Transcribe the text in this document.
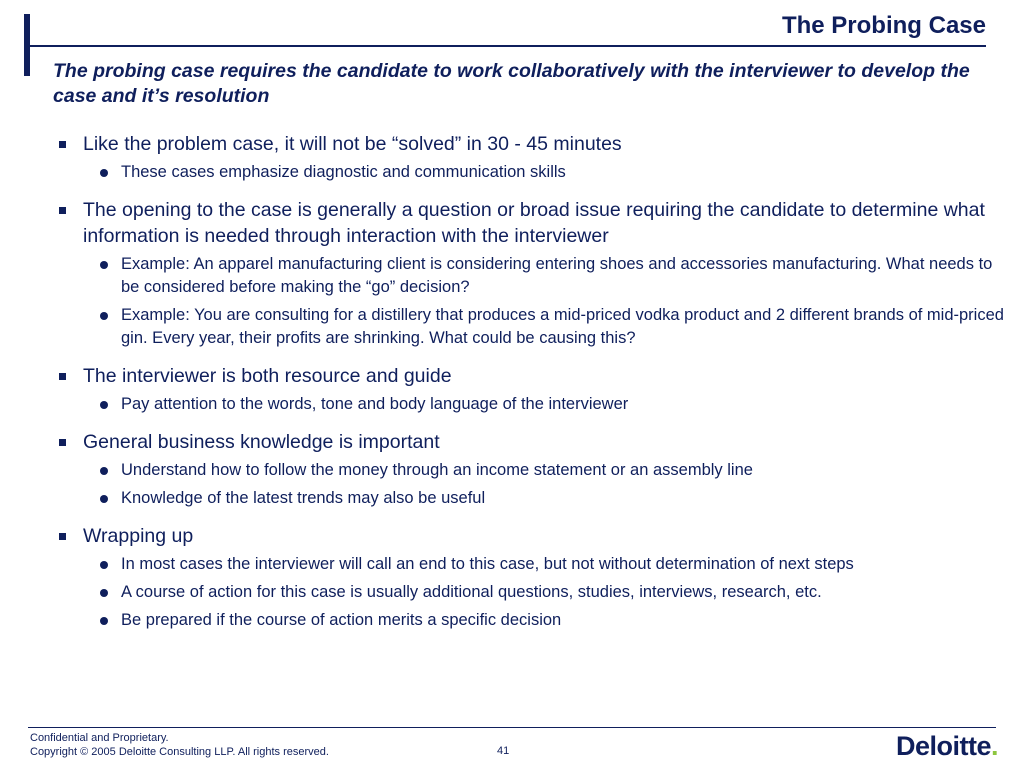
The Probing Case

The probing case requires the candidate to work collaboratively with the interviewer to develop the case and it’s resolution

Like the problem case, it will not be “solved” in 30 - 45 minutes
These cases emphasize diagnostic and communication skills
The opening to the case is generally a question or broad issue requiring the candidate to determine what information is needed through interaction with the interviewer
Example: An apparel manufacturing client is considering entering shoes and accessories manufacturing. What needs to be considered before making the “go” decision?
Example: You are consulting for a distillery that produces a mid-priced vodka product and 2 different brands of mid-priced gin. Every year, their profits are shrinking. What could be causing this?
The interviewer is both resource and guide
Pay attention to the words, tone and body language of the interviewer
General business knowledge is important
Understand how to follow the money through an income statement or an assembly line
Knowledge of the latest trends may also be useful
Wrapping up
In most cases the interviewer will call an end to this case, but not without determination of next steps
A course of action for this case is usually additional questions, studies, interviews, research, etc.
Be prepared if the course of action merits a specific decision
Confidential and Proprietary.
Copyright © 2005 Deloitte Consulting LLP. All rights reserved.	41	Deloitte.
